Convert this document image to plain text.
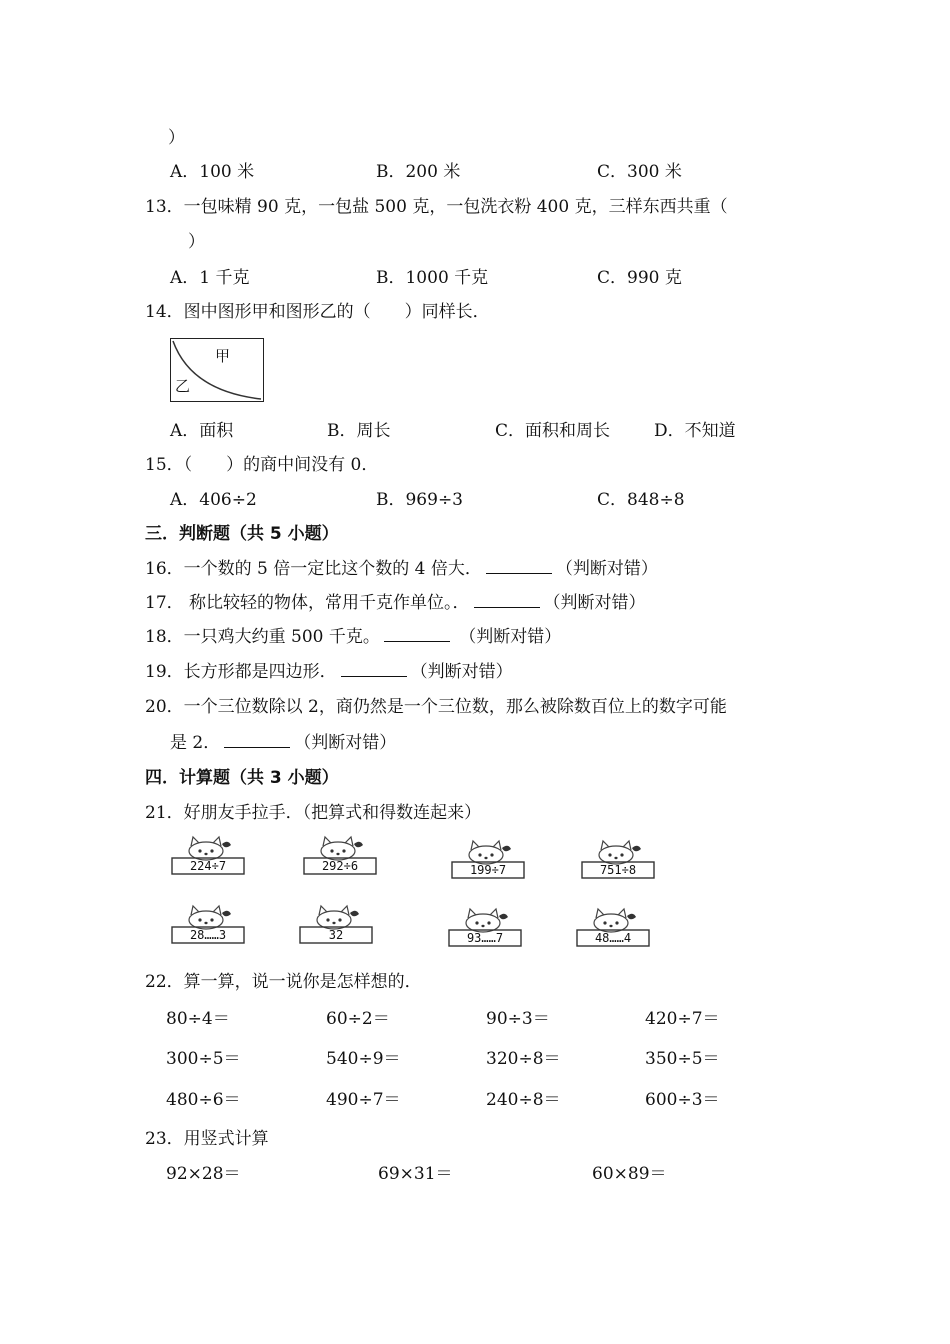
）
A．100 米	B．200 米	C．300 米
13．一包味精 90 克，一包盐 500 克，一包洗衣粉 400 克，三样东西共重（
）
A．1 千克	B．1000 千克	C．990 克
14．图中图形甲和图形乙的（　　）同样长．
甲
乙
A．面积	B．周长	C．面积和周长	D．不知道
15．（　　）的商中间没有 0．
A．406÷2	B．969÷3	C．848÷8
三．判断题（共 5 小题）
16．一个数的 5 倍一定比这个数的 4 倍大．	（判断对错）
17． 称比较轻的物体，常用千克作单位。．	（判断对错）
18．一只鸡大约重 500 千克。	（判断对错）
19．长方形都是四边形．	（判断对错）
20．一个三位数除以 2，商仍然是一个三位数，那么被除数百位上的数字可能
是 2．	（判断对错）
四．计算题（共 3 小题）
21．好朋友手拉手．（把算式和得数连起来）
224÷7	292÷6	199÷7	751÷8
28……3	32	93……7	48……4
22．算一算，说一说你是怎样想的．
80÷4＝	60÷2＝	90÷3＝	420÷7＝
300÷5＝	540÷9＝	320÷8＝	350÷5＝
480÷6＝	490÷7＝	240÷8＝	600÷3＝
23．用竖式计算
92×28＝	69×31＝	60×89＝
